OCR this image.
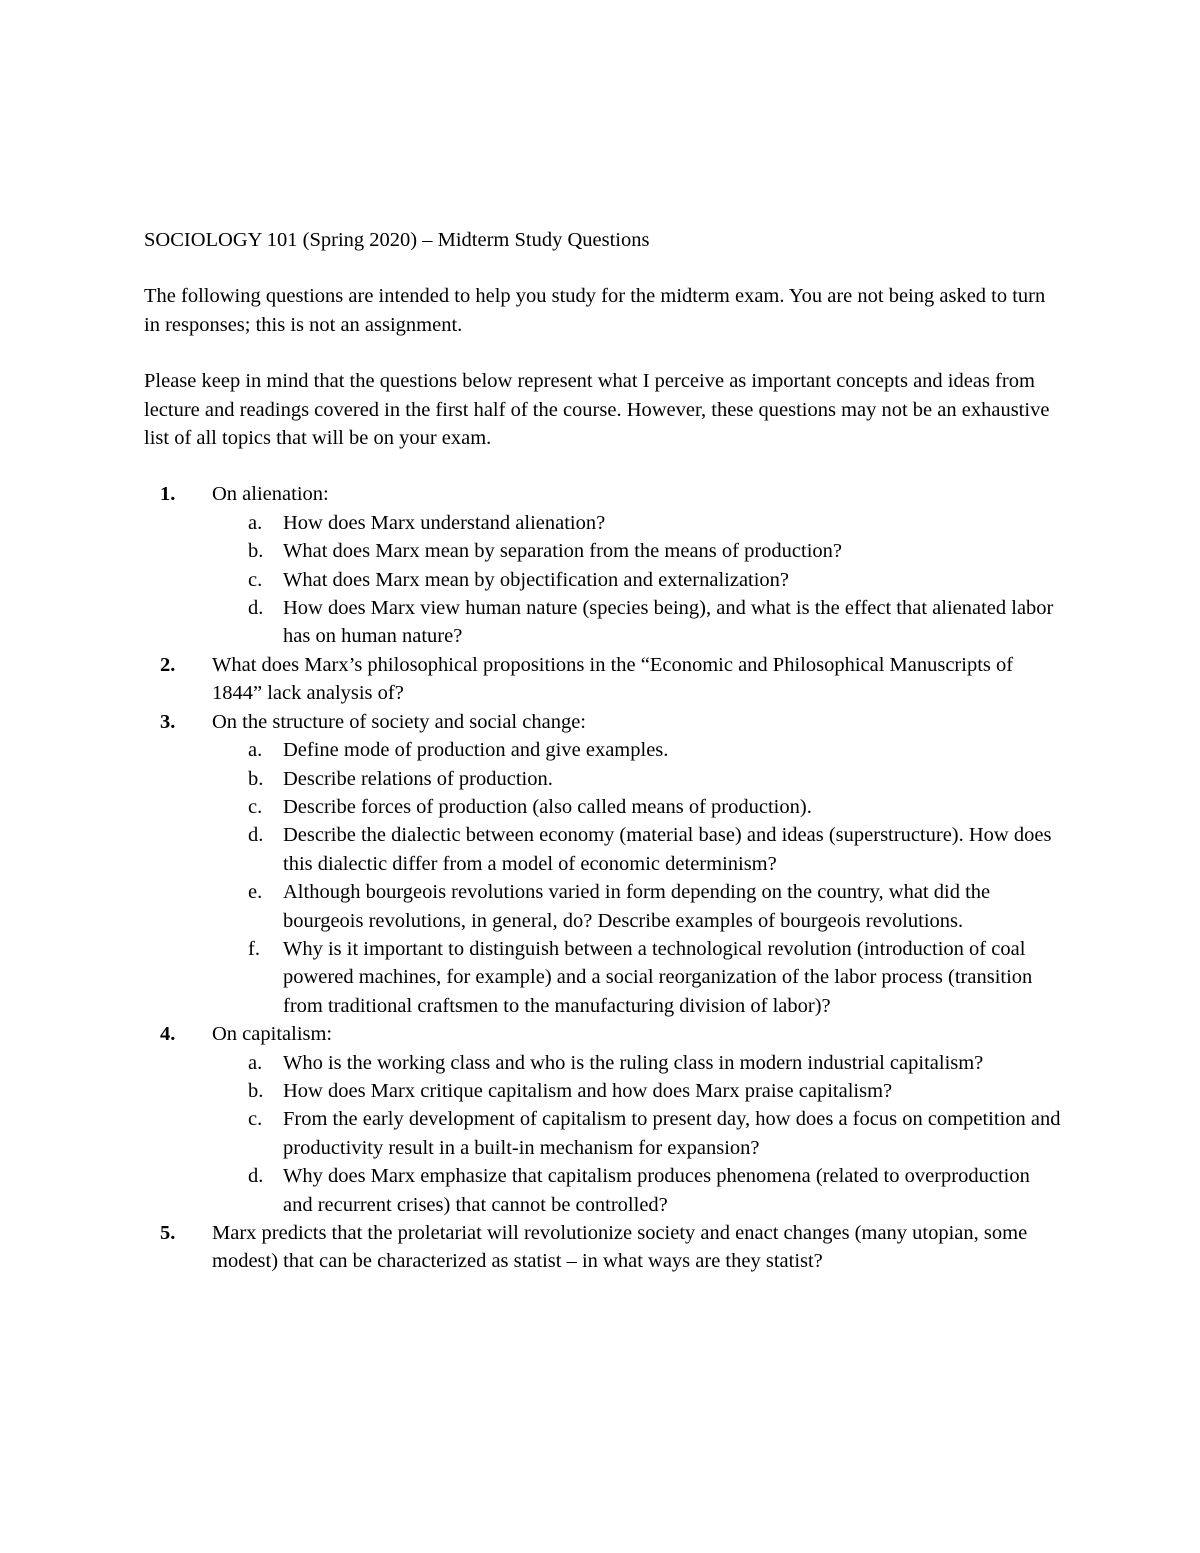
SOCIOLOGY 101 (Spring 2020) – Midterm Study Questions
The following questions are intended to help you study for the midterm exam. You are not being asked to turn in responses; this is not an assignment.
Please keep in mind that the questions below represent what I perceive as important concepts and ideas from lecture and readings covered in the first half of the course. However, these questions may not be an exhaustive list of all topics that will be on your exam.
1. On alienation:
a.	How does Marx understand alienation?
b. What does Marx mean by separation from the means of production?
c.	What does Marx mean by objectification and externalization?
d. How does Marx view human nature (species being), and what is the effect that alienated labor has on human nature?
2. What does Marx’s philosophical propositions in the “Economic and Philosophical Manuscripts of 1844” lack analysis of?
3. On the structure of society and social change:
a.	Define mode of production and give examples.
b. Describe relations of production.
c.	Describe forces of production (also called means of production).
d. Describe the dialectic between economy (material base) and ideas (superstructure). How does this dialectic differ from a model of economic determinism?
e.	Although bourgeois revolutions varied in form depending on the country, what did the bourgeois revolutions, in general, do? Describe examples of bourgeois revolutions.
f.	Why is it important to distinguish between a technological revolution (introduction of coal powered machines, for example) and a social reorganization of the labor process (transition from traditional craftsmen to the manufacturing division of labor)?
4. On capitalism:
a.	Who is the working class and who is the ruling class in modern industrial capitalism?
b. How does Marx critique capitalism and how does Marx praise capitalism?
c.	From the early development of capitalism to present day, how does a focus on competition and productivity result in a built-in mechanism for expansion?
d. Why does Marx emphasize that capitalism produces phenomena (related to overproduction and recurrent crises) that cannot be controlled?
5. Marx predicts that the proletariat will revolutionize society and enact changes (many utopian, some modest) that can be characterized as statist – in what ways are they statist?
